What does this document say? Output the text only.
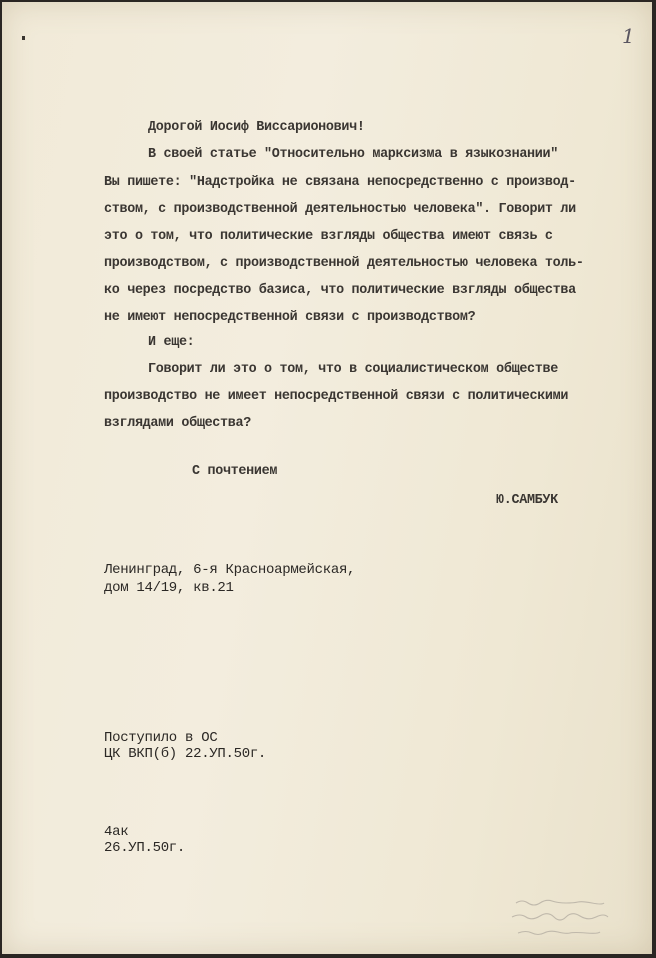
1
Дорогой Иосиф Виссарионович!
В своей статье "Относительно марксизма в языкознании"
Вы пишете: "Надстройка не связана непосредственно с производ-
ством, с производственной деятельностью человека". Говорит ли
это о том, что политические взгляды общества имеют связь с
производством, с производственной деятельностью человека толь-
ко через посредство базиса, что политические взгляды общества
не имеют непосредственной связи с производством?
И еще:
Говорит ли это о том, что в социалистическом обществе
производство не имеет непосредственной связи с политическими
взглядами общества?
С почтением
Ю.САМБУК
Ленинград, 6-я Красноармейская,
дом 14/19, кв.21
Поступило в ОС
ЦК ВКП(б) 22.УП.50г.
4ак
26.УП.50г.
